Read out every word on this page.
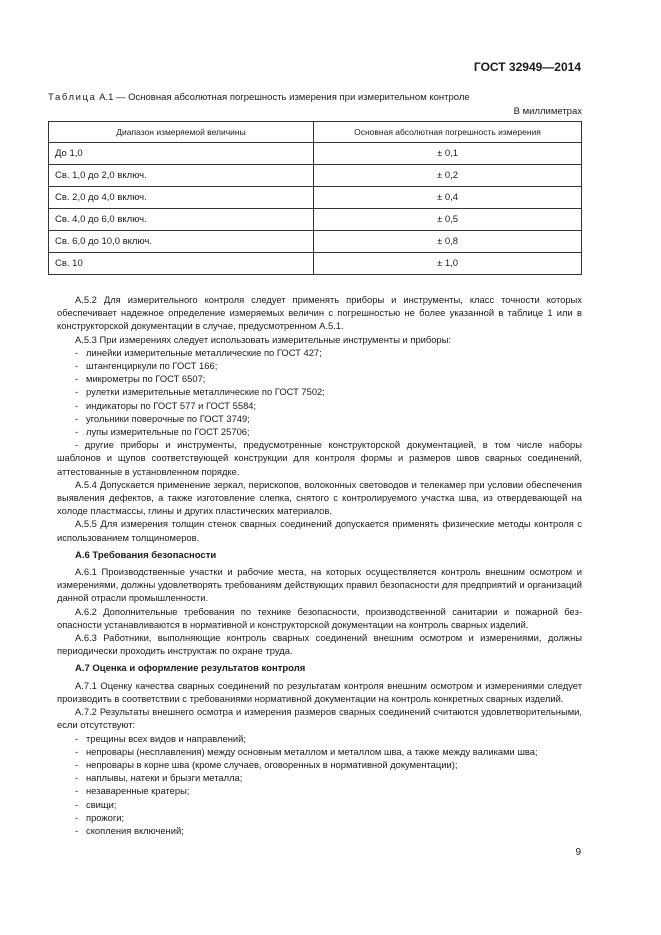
ГОСТ 32949—2014
Таблица А.1 — Основная абсолютная погрешность измерения при измерительном контроле
В миллиметрах
Диапазон измеряемой величины	Основная абсолютная погрешность измерения
До 1,0	± 0,1
Св. 1,0 до 2,0 включ.	± 0,2
Св. 2,0 до 4,0 включ.	± 0,4
Св. 4,0 до 6,0 включ.	± 0,5
Св. 6,0 до 10,0 включ.	± 0,8
Св. 10	± 1,0

А.5.2 Для измерительного контроля следует применять приборы и инструменты, класс точности которых обеспечивает надежное определение измеряемых величин с погрешностью не более указанной в таблице 1 или в конструкторской документации в случае, предусмотренном А.5.1.

А.5.3 При измерениях следует использовать измерительные инструменты и приборы:

- линейки измерительные металлические по ГОСТ 427;

- штангенциркули по ГОСТ 166;

- микрометры по ГОСТ 6507;

- рулетки измерительные металлические по ГОСТ 7502;

- индикаторы по ГОСТ 577 и ГОСТ 5584;

- угольники поверочные по ГОСТ 3749;

- лупы измерительные по ГОСТ 25706;

- другие приборы и инструменты, предусмотренные конструкторской документацией, в том числе наборы шаблонов и щупов соответствующей конструкции для контроля формы и размеров швов сварных соединений, аттестованные в установленном порядке.

А.5.4 Допускается применение зеркал, перископов, волоконных световодов и телекамер при условии обеспечения выявления дефектов, а также изготовление слепка, снятого с контролируемого участка шва, из отвердевающей на холоде пластмассы, глины и других пластических материалов.

А.5.5 Для измерения толщин стенок сварных соединений допускается применять физические методы контроля с использованием толщиномеров.

А.6 Требования безопасности

А.6.1 Производственные участки и рабочие места, на которых осуществляется контроль внешним осмотром и измерениями, должны удовлетворять требованиям действующих правил безопасности для предприятий и организаций данной отрасли промышленности.

А.6.2 Дополнительные требования по технике безопасности, производственной санитарии и пожарной безопасности устанавливаются в нормативной и конструкторской документации на контроль сварных изделий.

А.6.3 Работники, выполняющие контроль сварных соединений внешним осмотром и измерениями, должны периодически проходить инструктаж по охране труда.

А.7 Оценка и оформление результатов контроля

А.7.1 Оценку качества сварных соединений по результатам контроля внешним осмотром и измерениями следует производить в соответствии с требованиями нормативной документации на контроль конкретных сварных изделий.

А.7.2 Результаты внешнего осмотра и измерения размеров сварных соединений считаются удовлетворительными, если отсутствуют:

- трещины всех видов и направлений;

- непровары (несплавления) между основным металлом и металлом шва, а также между валиками шва;

- непровары в корне шва (кроме случаев, оговоренных в нормативной документации);

- наплывы, натеки и брызги металла;

- незаваренные кратеры;

- свищи;

- прожоги;

- скопления включений;

9
